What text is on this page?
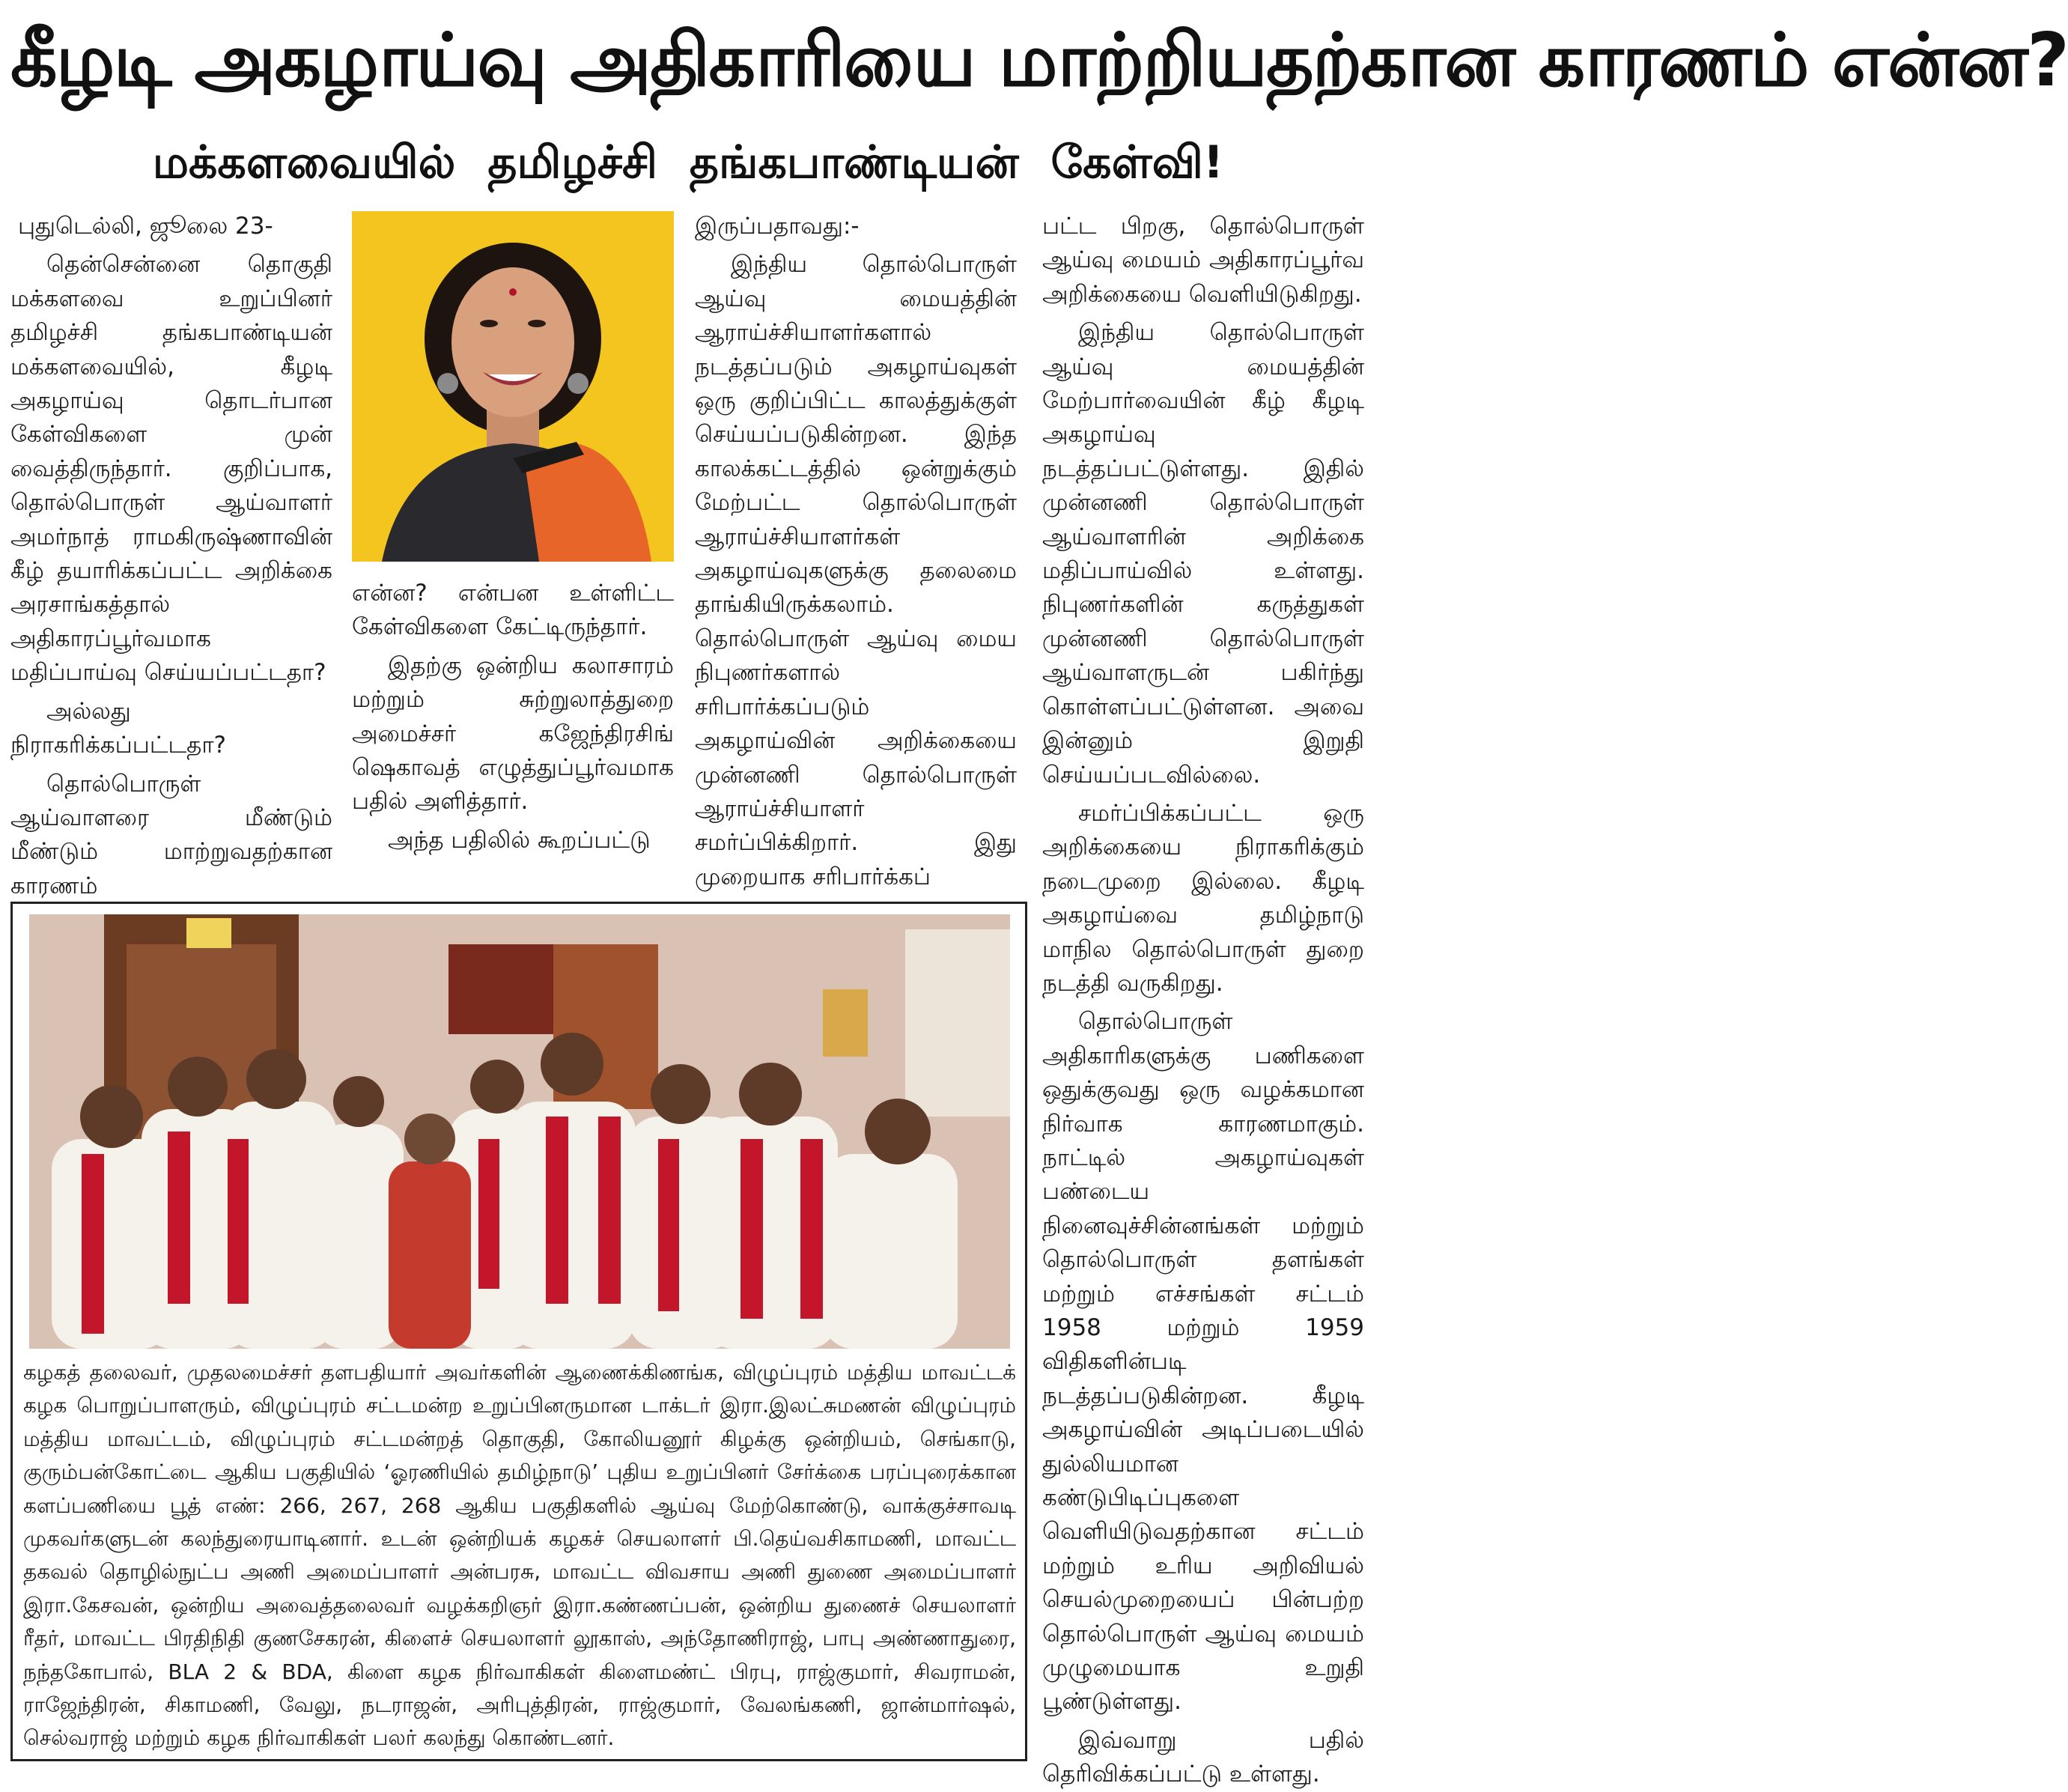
கீழடி அகழாய்வு அதிகாரியை மாற்றியதற்கான காரணம் என்ன?
மக்களவையில் தமிழச்சி தங்கபாண்டியன் கேள்வி!

புதுடெல்லி, ஜூலை 23-

தென்சென்னை தொகுதி மக்களவை உறுப்பினர் தமிழச்சி தங்கபாண்டியன் மக்களவையில், கீழடி அகழாய்வு தொடர்பான கேள்விகளை முன் வைத்திருந்தார். குறிப்பாக, தொல்பொருள் ஆய்வாளர் அமர்நாத் ராமகிருஷ்ணாவின் கீழ் தயாரிக்கப்பட்ட அறிக்கை அரசாங்கத்தால் அதிகாரப்பூர்வமாக மதிப்பாய்வு செய்யப்பட்டதா?

அல்லது நிராகரிக்கப்பட்டதா?

தொல்பொருள் ஆய்வாளரை மீண்டும் மீண்டும் மாற்றுவதற்கான காரணம்

என்ன? என்பன உள்ளிட்ட கேள்விகளை கேட்டிருந்தார்.

இதற்கு ஒன்றிய கலாசாரம் மற்றும் சுற்றுலாத்துறை அமைச்சர் கஜேந்திரசிங் ஷெகாவத் எழுத்துப்பூர்வமாக பதில் அளித்தார்.

அந்த பதிலில் கூறப்பட்டு

இருப்பதாவது:-

இந்திய தொல்பொருள் ஆய்வு மையத்தின் ஆராய்ச்சியாளர்களால் நடத்தப்படும் அகழாய்வுகள் ஒரு குறிப்பிட்ட காலத்துக்குள் செய்யப்படுகின்றன. இந்த காலக்கட்டத்தில் ஒன்றுக்கும் மேற்பட்ட தொல்பொருள் ஆராய்ச்சியாளர்கள் அகழாய்வுகளுக்கு தலைமை தாங்கியிருக்கலாம். தொல்பொருள் ஆய்வு மைய நிபுணர்களால் சரிபார்க்கப்படும் அகழாய்வின் அறிக்கையை முன்னணி தொல்பொருள் ஆராய்ச்சியாளர் சமர்ப்பிக்கிறார். இது முறையாக சரிபார்க்கப்

பட்ட பிறகு, தொல்பொருள் ஆய்வு மையம் அதிகாரப்பூர்வ அறிக்கையை வெளியிடுகிறது.

இந்திய தொல்பொருள் ஆய்வு மையத்தின் மேற்பார்வையின் கீழ் கீழடி அகழாய்வு நடத்தப்பட்டுள்ளது. இதில் முன்னணி தொல்பொருள் ஆய்வாளரின் அறிக்கை மதிப்பாய்வில் உள்ளது. நிபுணர்களின் கருத்துகள் முன்னணி தொல்பொருள் ஆய்வாளருடன் பகிர்ந்து கொள்ளப்பட்டுள்ளன. அவை இன்னும் இறுதி செய்யப்படவில்லை.

சமர்ப்பிக்கப்பட்ட ஒரு அறிக்கையை நிராகரிக்கும் நடைமுறை இல்லை. கீழடி அகழாய்வை தமிழ்நாடு மாநில தொல்பொருள் துறை நடத்தி வருகிறது.

தொல்பொருள் அதிகாரிகளுக்கு பணிகளை ஒதுக்குவது ஒரு வழக்கமான நிர்வாக காரணமாகும். நாட்டில் அகழாய்வுகள் பண்டைய நினைவுச்சின்னங்கள் மற்றும் தொல்பொருள் தளங்கள் மற்றும் எச்சங்கள் சட்டம் 1958 மற்றும் 1959 விதிகளின்படி நடத்தப்படுகின்றன. கீழடி அகழாய்வின் அடிப்படையில் துல்லியமான கண்டுபிடிப்புகளை வெளியிடுவதற்கான சட்டம் மற்றும் உரிய அறிவியல் செயல்முறையைப் பின்பற்ற தொல்பொருள் ஆய்வு மையம் முழுமையாக உறுதி பூண்டுள்ளது.

இவ்வாறு பதில் தெரிவிக்கப்பட்டு உள்ளது.

கழகத் தலைவர், முதலமைச்சர் தளபதியார் அவர்களின் ஆணைக்கிணங்க, விழுப்புரம் மத்திய மாவட்டக் கழக பொறுப்பாளரும், விழுப்புரம் சட்டமன்ற உறுப்பினருமான டாக்டர் இரா.இலட்சுமணன் விழுப்புரம் மத்திய மாவட்டம், விழுப்புரம் சட்டமன்றத் தொகுதி, கோலியனூர் கிழக்கு ஒன்றியம், செங்காடு, குரும்பன்கோட்டை ஆகிய பகுதியில் ‘ஓரணியில் தமிழ்நாடு’ புதிய உறுப்பினர் சேர்க்கை பரப்புரைக்கான களப்பணியை பூத் எண்: 266, 267, 268 ஆகிய பகுதிகளில் ஆய்வு மேற்கொண்டு, வாக்குச்சாவடி முகவர்களுடன் கலந்துரையாடினார். உடன் ஒன்றியக் கழகச் செயலாளர் பி.தெய்வசிகாமணி, மாவட்ட தகவல் தொழில்நுட்ப அணி அமைப்பாளர் அன்பரசு, மாவட்ட விவசாய அணி துணை அமைப்பாளர் இரா.கேசவன், ஒன்றிய அவைத்தலைவர் வழக்கறிஞர் இரா.கண்ணப்பன், ஒன்றிய துணைச் செயலாளர் ரீதர், மாவட்ட பிரதிநிதி குணசேகரன், கிளைச் செயலாளர் லூகாஸ், அந்தோணிராஜ், பாபு அண்ணாதுரை, நந்தகோபால், BLA 2 & BDA, கிளை கழக நிர்வாகிகள் கிளைமண்ட் பிரபு, ராஜ்குமார், சிவராமன், ராஜேந்திரன், சிகாமணி, வேலு, நடராஜன், அரிபுத்திரன், ராஜ்குமார், வேலங்கணி, ஜான்மார்ஷல், செல்வராஜ் மற்றும் கழக நிர்வாகிகள் பலர் கலந்து கொண்டனர்.
